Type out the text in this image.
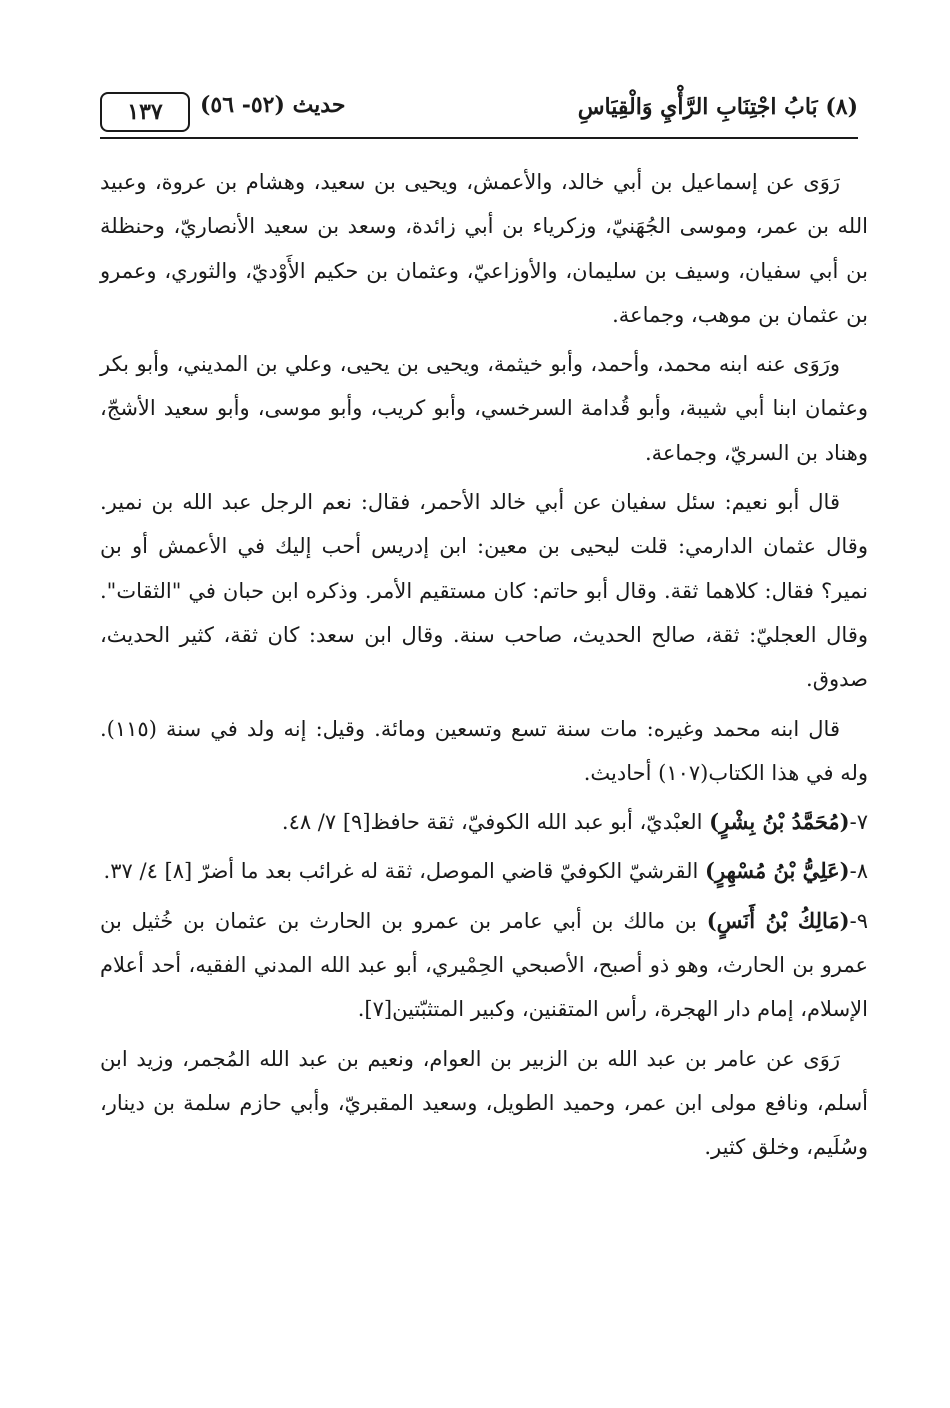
١٣٧	حديث (٥٢- ٥٦)	(٨) بَابُ اجْتِنَابِ الرَّأْيِ وَالْقِيَاسِ

رَوَى عن إسماعيل بن أبي خالد، والأعمش، ويحيى بن سعيد، وهشام بن عروة، وعبيد الله بن عمر، وموسى الجُهَنيّ، وزكرياء بن أبي زائدة، وسعد بن سعيد الأنصاريّ، وحنظلة بن أبي سفيان، وسيف بن سليمان، والأوزاعيّ، وعثمان بن حكيم الأَوْديّ، والثوري، وعمرو بن عثمان بن موهب، وجماعة.

ورَوَى عنه ابنه محمد، وأحمد، وأبو خيثمة، ويحيى بن يحيى، وعلي بن المديني، وأبو بكر وعثمان ابنا أبي شيبة، وأبو قُدامة السرخسي، وأبو كريب، وأبو موسى، وأبو سعيد الأشجّ، وهناد بن السريّ، وجماعة.

قال أبو نعيم: سئل سفيان عن أبي خالد الأحمر، فقال: نعم الرجل عبد الله بن نمير. وقال عثمان الدارمي: قلت ليحيى بن معين: ابن إدريس أحب إليك في الأعمش أو بن نمير؟ فقال: كلاهما ثقة. وقال أبو حاتم: كان مستقيم الأمر. وذكره ابن حبان في "الثقات". وقال العجليّ: ثقة، صالح الحديث، صاحب سنة. وقال ابن سعد: كان ثقة، كثير الحديث، صدوق.

قال ابنه محمد وغيره: مات سنة تسع وتسعين ومائة. وقيل: إنه ولد في سنة (١١٥). وله في هذا الكتاب(١٠٧) أحاديث.

٧-(مُحَمَّدُ بْنُ بِشْرٍ) العبْديّ، أبو عبد الله الكوفيّ، ثقة حافظ[٩] ٧/ ٤٨.

٨-(عَلِيُّ بْنُ مُسْهِرٍ) القرشيّ الكوفيّ قاضي الموصل، ثقة له غرائب بعد ما أضرّ [٨] ٤/ ٣٧.

٩-(مَالِكُ بْنُ أَنَسٍ) بن مالك بن أبي عامر بن عمرو بن الحارث بن عثمان بن خُثيل بن عمرو بن الحارث، وهو ذو أصبح، الأصبحي الحِمْيري، أبو عبد الله المدني الفقيه، أحد أعلام الإسلام، إمام دار الهجرة، رأس المتقنين، وكبير المتثبّتين[٧].

رَوَى عن عامر بن عبد الله بن الزبير بن العوام، ونعيم بن عبد الله المُجمر، وزيد ابن أسلم، ونافع مولى ابن عمر، وحميد الطويل، وسعيد المقبريّ، وأبي حازم سلمة بن دينار، وسُلَيم، وخلق كثير.
